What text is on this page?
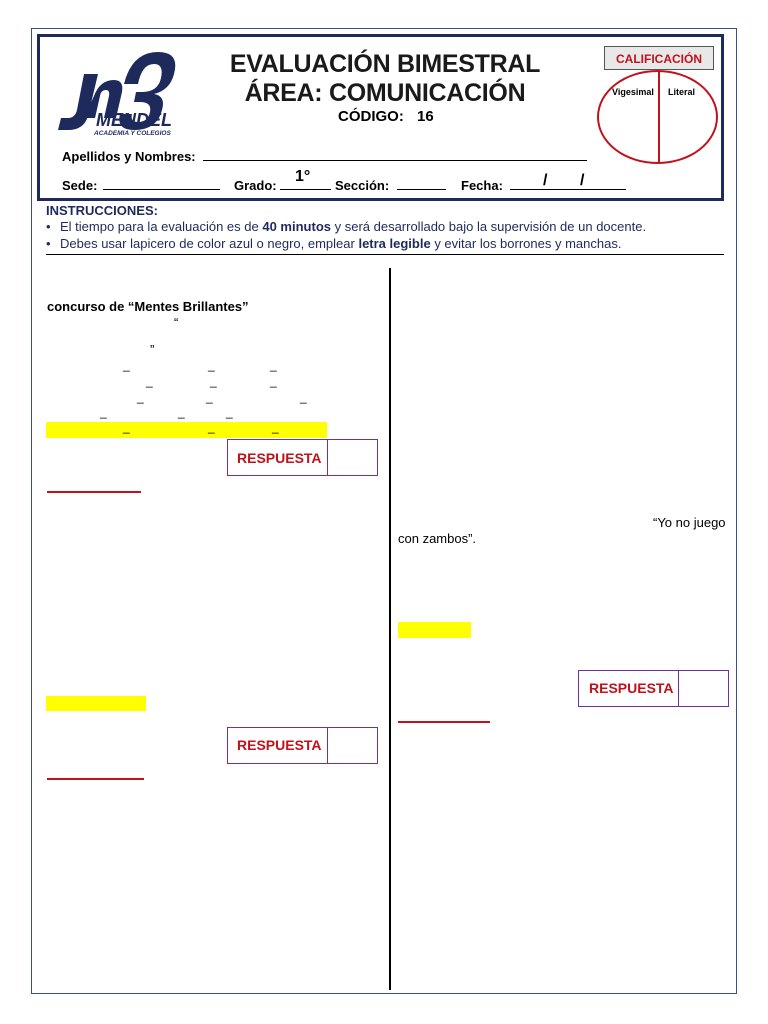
MENDEL
ACADEMIA Y COLEGIOS
EVALUACIÓN BIMESTRAL
ÁREA: COMUNICACIÓN
CÓDIGO: 16
CALIFICACIÓN
Vigesimal Literal
Apellidos y Nombres:
Sede:	Grado:
1°
Sección:	Fecha:	/ /
INSTRUCCIONES:
• El tiempo para la evaluación es de 40 minutos y será desarrollado bajo la supervisión de un docente.
• Debes usar lapicero de color azul o negro, emplear letra legible y evitar los borrones y manchas.
concurso de “Mentes Brillantes”
“
”
_	_	_
_	_	_
_	_	_
_	_	_
_	_	_
RESPUESTA
RESPUESTA
“Yo no juego
con zambos”.
RESPUESTA
